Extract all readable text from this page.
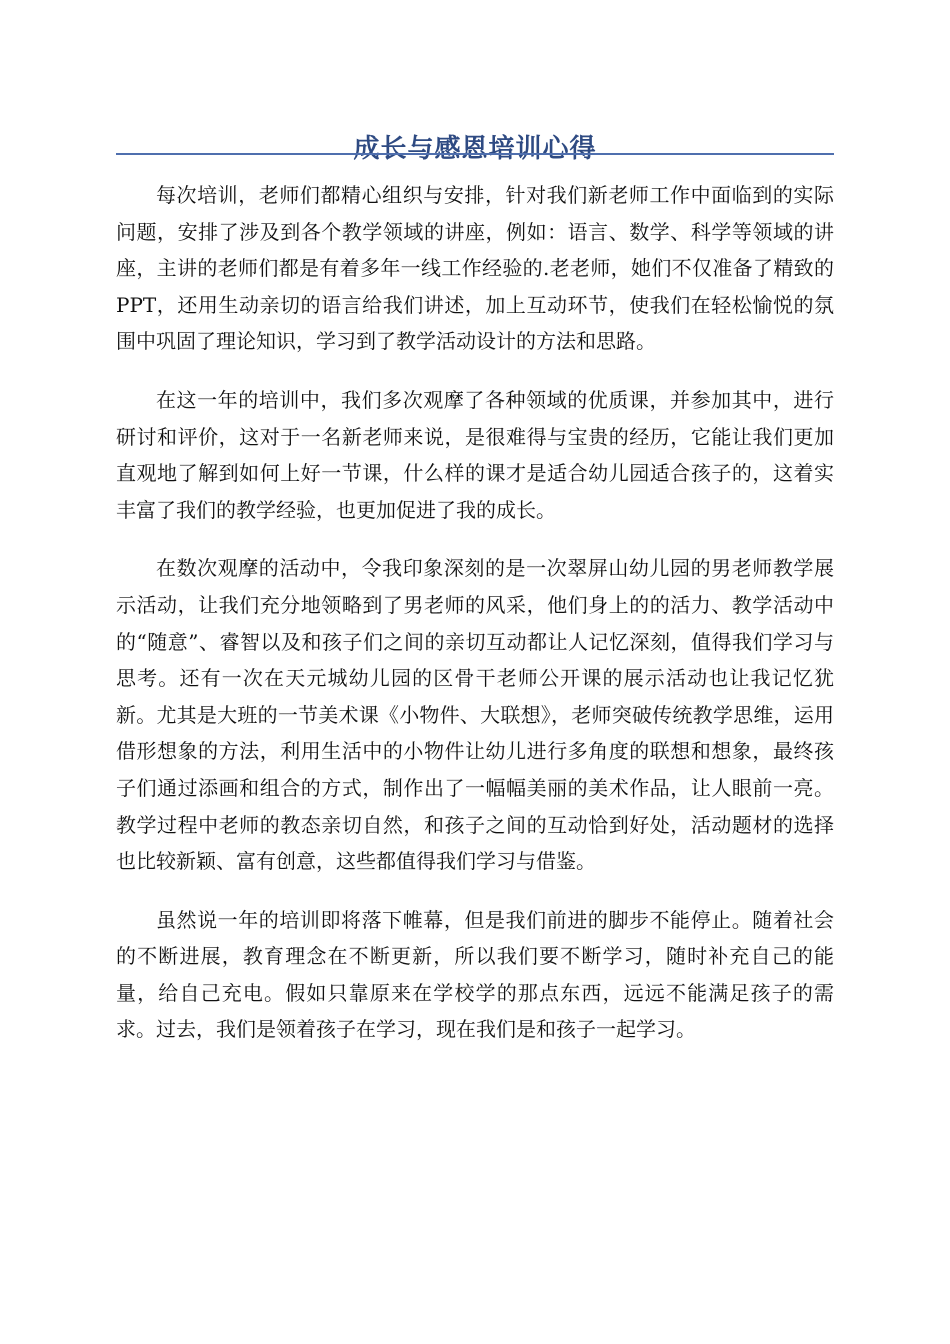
成长与感恩培训心得

每次培训，老师们都精心组织与安排，针对我们新老师工作中面临到的实际问题，安排了涉及到各个教学领域的讲座，例如：语言、数学、科学等领域的讲座，主讲的老师们都是有着多年一线工作经验的.老老师，她们不仅准备了精致的PPT，还用生动亲切的语言给我们讲述，加上互动环节，使我们在轻松愉悦的氛围中巩固了理论知识，学习到了教学活动设计的方法和思路。

在这一年的培训中，我们多次观摩了各种领域的优质课，并参加其中，进行研讨和评价，这对于一名新老师来说，是很难得与宝贵的经历，它能让我们更加直观地了解到如何上好一节课，什么样的课才是适合幼儿园适合孩子的，这着实丰富了我们的教学经验，也更加促进了我的成长。

在数次观摩的活动中，令我印象深刻的是一次翠屏山幼儿园的男老师教学展示活动，让我们充分地领略到了男老师的风采，他们身上的的活力、教学活动中的“随意”、睿智以及和孩子们之间的亲切互动都让人记忆深刻，值得我们学习与思考。还有一次在天元城幼儿园的区骨干老师公开课的展示活动也让我记忆犹新。尤其是大班的一节美术课《小物件、大联想》，老师突破传统教学思维，运用借形想象的方法，利用生活中的小物件让幼儿进行多角度的联想和想象，最终孩子们通过添画和组合的方式，制作出了一幅幅美丽的美术作品，让人眼前一亮。教学过程中老师的教态亲切自然，和孩子之间的互动恰到好处，活动题材的选择也比较新颖、富有创意，这些都值得我们学习与借鉴。

虽然说一年的培训即将落下帷幕，但是我们前进的脚步不能停止。随着社会的不断进展，教育理念在不断更新，所以我们要不断学习，随时补充自己的能量，给自己充电。假如只靠原来在学校学的那点东西，远远不能满足孩子的需求。过去，我们是领着孩子在学习，现在我们是和孩子一起学习。
